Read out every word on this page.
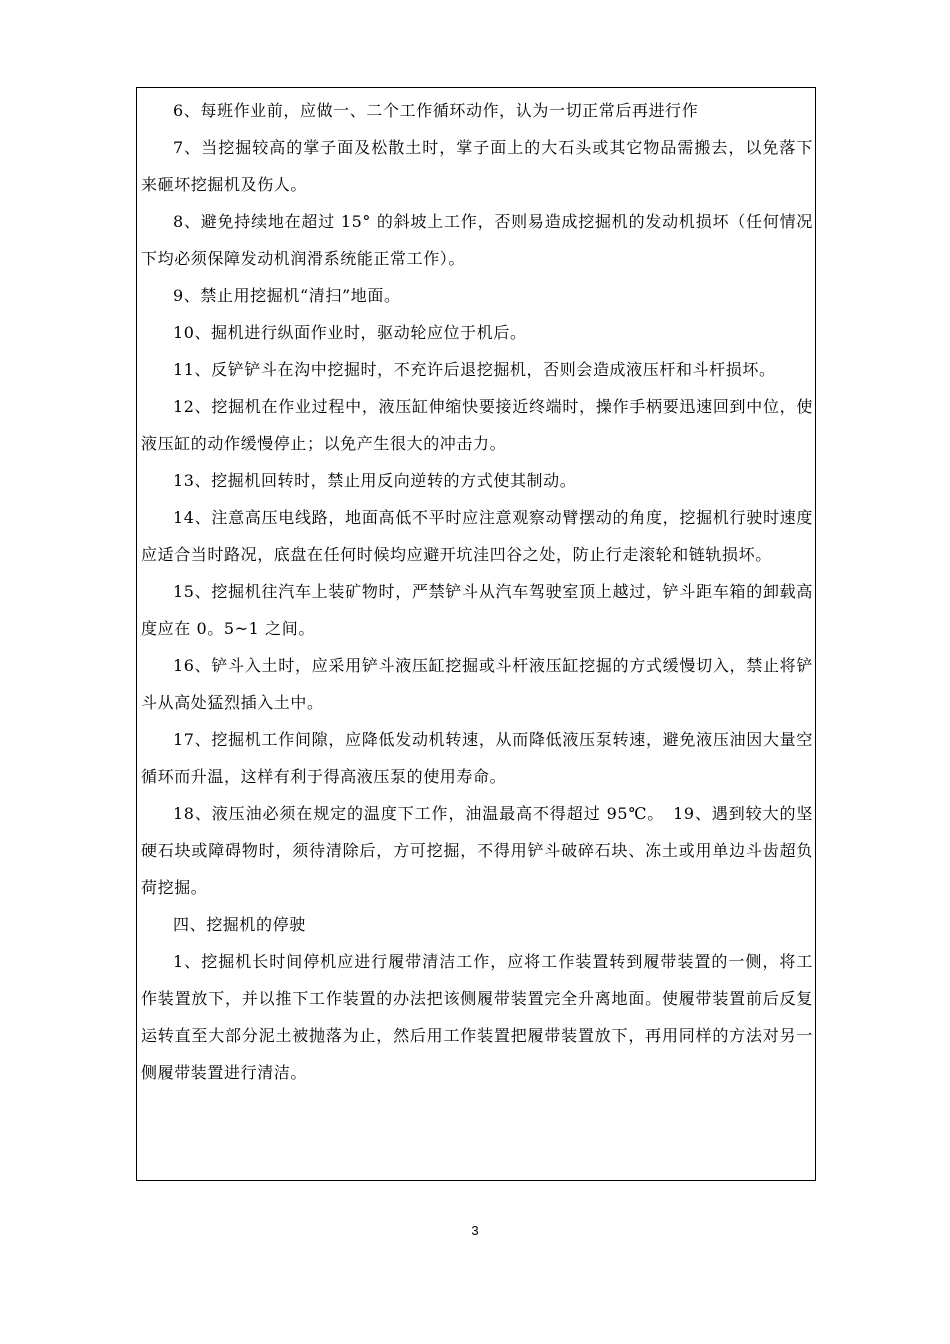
6、每班作业前，应做一、二个工作循环动作，认为一切正常后再进行作

7、当挖掘较高的掌子面及松散土时，掌子面上的大石头或其它物品需搬去，以免落下来砸坏挖掘机及伤人。

8、避免持续地在超过 15° 的斜坡上工作，否则易造成挖掘机的发动机损坏（任何情况下均必须保障发动机润滑系统能正常工作）。

9、禁止用挖掘机“清扫”地面。

10、掘机进行纵面作业时，驱动轮应位于机后。

11、反铲铲斗在沟中挖掘时，不充许后退挖掘机，否则会造成液压杆和斗杆损坏。

12、挖掘机在作业过程中，液压缸伸缩快要接近终端时，操作手柄要迅速回到中位，使液压缸的动作缓慢停止；以免产生很大的冲击力。

13、挖掘机回转时，禁止用反向逆转的方式使其制动。

14、注意高压电线路，地面高低不平时应注意观察动臂摆动的角度，挖掘机行驶时速度应适合当时路况，底盘在任何时候均应避开坑洼凹谷之处，防止行走滚轮和链轨损坏。

15、挖掘机往汽车上装矿物时，严禁铲斗从汽车驾驶室顶上越过，铲斗距车箱的卸载高度应在 0。5~1 之间。

16、铲斗入土时，应采用铲斗液压缸挖掘或斗杆液压缸挖掘的方式缓慢切入，禁止将铲斗从高处猛烈插入土中。

17、挖掘机工作间隙，应降低发动机转速，从而降低液压泵转速，避免液压油因大量空循环而升温，这样有利于得高液压泵的使用寿命。

18、液压油必须在规定的温度下工作，油温最高不得超过 95℃。　19、遇到较大的坚硬石块或障碍物时，须待清除后，方可挖掘，不得用铲斗破碎石块、冻土或用单边斗齿超负荷挖掘。

四、挖掘机的停驶

1、挖掘机长时间停机应进行履带清洁工作，应将工作装置转到履带装置的一侧，将工作装置放下，并以推下工作装置的办法把该侧履带装置完全升离地面。使履带装置前后反复运转直至大部分泥土被抛落为止，然后用工作装置把履带装置放下，再用同样的方法对另一侧履带装置进行清洁。

3
